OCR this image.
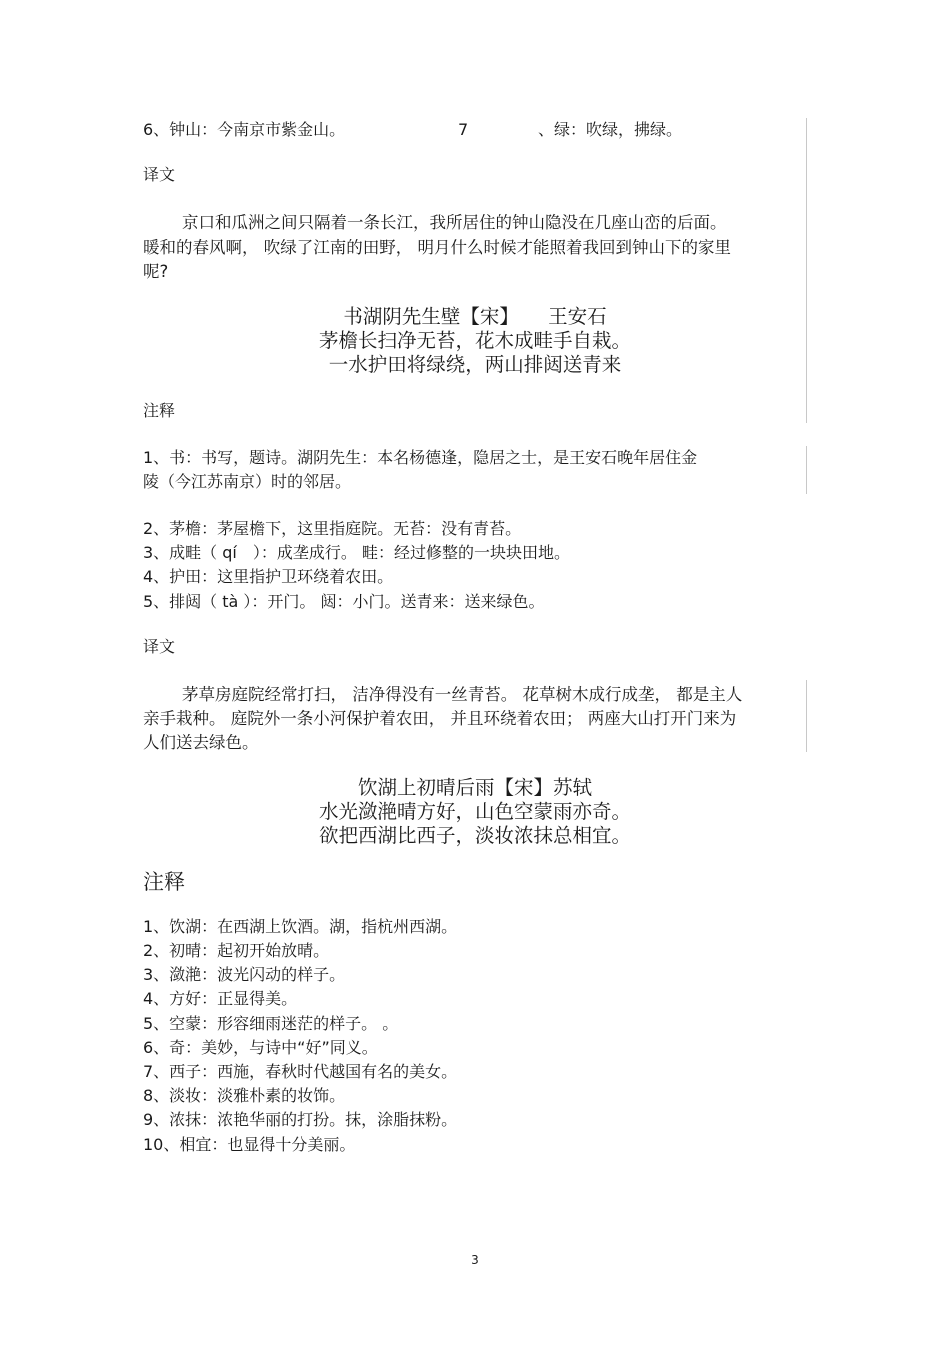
6、钟山：今南京市紫金山。	7	、绿：吹绿，拂绿。
译文
京口和瓜洲之间只隔着一条长江，我所居住的钟山隐没在几座山峦的后面。
暖和的春风啊， 吹绿了江南的田野， 明月什么时候才能照着我回到钟山下的家里
呢?
书湖阴先生壁【宋】　　王安石
茅檐长扫净无苔，花木成畦手自栽。
一水护田将绿绕，两山排闼送青来
注释
1、书：书写，题诗。湖阴先生：本名杨德逢，隐居之士，是王安石晚年居住金
陵（今江苏南京）时的邻居。
2、茅檐：茅屋檐下，这里指庭院。无苔：没有青苔。
3、成畦（ qí　）：成垄成行。 畦：经过修整的一块块田地。
4、护田：这里指护卫环绕着农田。
5、排闼（ tà ）：开门。 闼：小门。送青来：送来绿色。
译文
茅草房庭院经常打扫， 洁净得没有一丝青苔。 花草树木成行成垄， 都是主人
亲手栽种。 庭院外一条小河保护着农田， 并且环绕着农田； 两座大山打开门来为
人们送去绿色。
饮湖上初晴后雨【宋】苏轼
水光潋滟晴方好，山色空蒙雨亦奇。
欲把西湖比西子，淡妆浓抹总相宜。
注释
1、饮湖：在西湖上饮酒。湖，指杭州西湖。
2、初晴：起初开始放晴。
3、潋滟：波光闪动的样子。
4、方好：正显得美。
5、空蒙：形容细雨迷茫的样子。 。
6、奇：美妙，与诗中“好”同义。
7、西子：西施，春秋时代越国有名的美女。
8、淡妆：淡雅朴素的妆饰。
9、浓抹：浓艳华丽的打扮。抹，涂脂抹粉。
10、相宜：也显得十分美丽。
3
